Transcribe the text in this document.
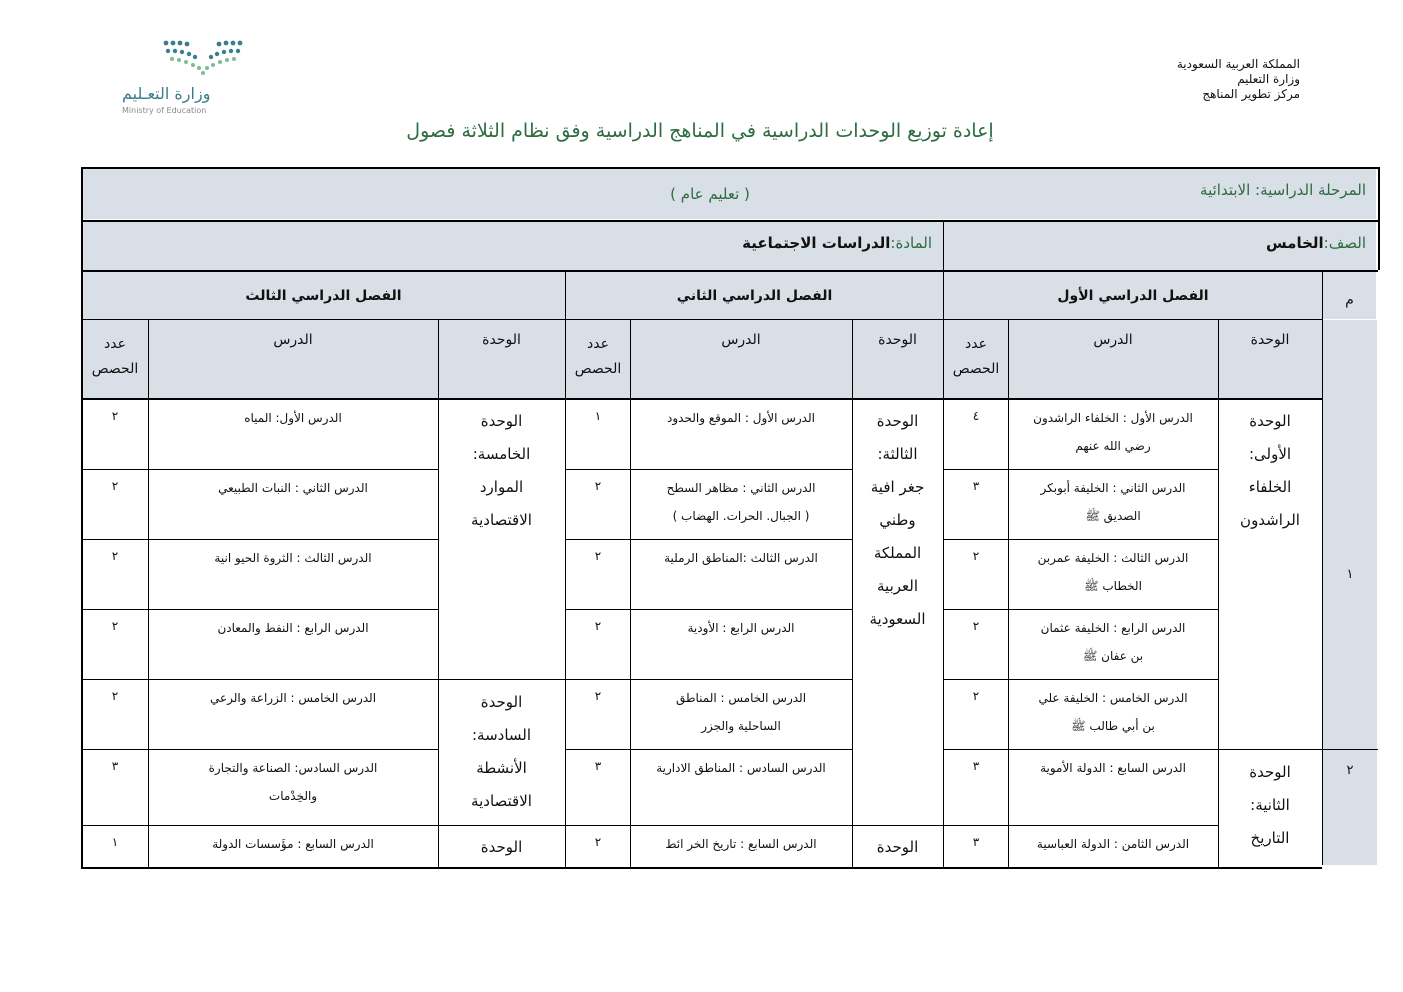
المملكة العربية السعودية
وزارة التعليم
مركز تطوير المناهج
وزارة التعـليم
Ministry of Education
إعادة توزيع الوحدات الدراسية في المناهج الدراسية وفق نظام الثلاثة فصول
المرحلة الدراسية: الابتدائية
( تعليم عام )
الصف:الخامس
المادة:الدراسات الاجتماعية
الفصل الدراسي الأول
الفصل الدراسي الثاني
الفصل الدراسي الثالث	م
الوحدة
الدرس
عدد
الحصص
الوحدة
الدرس
عدد
الحصص
الوحدة
الدرس
عدد
الحصص
الدرس الأول : الخلفاء الراشدون
رضي الله عنهم
٤
الدرس الثاني : الخليفة أبوبكر
الصديق ﷺ
٣
الدرس الثالث : الخليفة عمربن
الخطاب ﷺ
٢
الدرس الرابع : الخليفة عثمان
بن عفان ﷺ
٢
الدرس الخامس : الخليفة علي
بن أبي طالب ﷺ
٢
الدرس السابع : الدولة الأموية
٣
الدرس الثامن : الدولة العباسية
٣
الدرس الأول : الموقع والحدود
١
الدرس الثاني : مظاهر السطح
( الجبال. الحرات. الهضاب )
٢
الدرس الثالث :المناطق الرملية
٢
الدرس الرابع : الأودية
٢
الدرس الخامس : المناطق
الساحلية والجزر
٢
الدرس السادس : المناطق الادارية
٣
الدرس السابع : تاريخ الخر ائط
٢
الدرس الأول: المياه
٢
الدرس الثاني : النبات الطبيعي
٢
الدرس الثالث : الثروة الحيو انية
٢
الدرس الرابع : النفط والمعادن
٢
الدرس الخامس : الزراعة والرعي
٢
الدرس السادس: الصناعة والتجارة
والخِدْمات
٣
الدرس السابع : مؤَسسات الدولة
١
الوحدة
الأولى:
الخلفاء
الراشدون
الوحدة
الثانية:
التاريخ
الوحدة
الثالثة:
جغر افية
وطني
المملكة
العربية
السعودية
الوحدة
الوحدة
الخامسة:
الموارد
الاقتصادية
الوحدة
السادسة:
الأنشطة
الاقتصادية
الوحدة
١
٢
